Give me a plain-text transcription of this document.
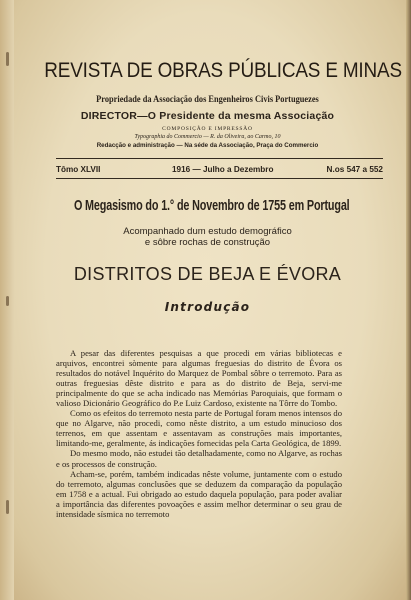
REVISTA DE OBRAS PÚBLICAS E MINAS
Propriedade da Associação dos Engenheiros Civis Portuguezes
DIRECTOR—O Presidente da mesma Associação
COMPOSIÇÃO E IMPRESSÃO
Typographia do Commercio — R. da Oliveira, ao Carmo, 10
Redacção e administração — Na séde da Associação, Praça do Commercio
Tômo XLVII	1916 — Julho a Dezembro	N.os 547 a 552
O Megasismo do 1.° de Novembro de 1755 em Portugal
Acompanhado dum estudo demográfico
e sôbre rochas de construção
DISTRITOS DE BEJA E ÉVORA
Introdução

A pesar das diferentes pesquisas a que procedi em várias bibliotecas e arquivos, encontrei sòmente para algumas freguesias do distrito de Évora os resultados do notável Inquérito do Marquez de Pombal sôbre o terremoto. Para as outras freguesias dêste distrito e para as do distrito de Beja, servi-me principalmente do que se acha indicado nas Memórias Paroquiais, que formam o valioso Dicionário Geográfico do P.e Luiz Cardoso, existente na Tôrre do Tombo.

Como os efeitos do terremoto nesta parte de Portugal foram menos intensos do que no Algarve, não procedi, como nêste distrito, a um estudo minucioso dos terrenos, em que assentam e assentavam as construções mais importantes, limitando-me, geralmente, ás indicações fornecidas pela Carta Geológica, de 1899.

Do mesmo modo, não estudei tão detalhadamente, como no Algarve, as rochas e os processos de construção.

Acham-se, porém, também indicadas nêste volume, juntamente com o estudo do terremoto, algumas conclusões que se deduzem da comparação da população em 1758 e a actual. Fui obrigado ao estudo daquela população, para poder avaliar a importância das diferentes povoações e assim melhor determinar o seu grau de intensidade sísmica no terremoto
